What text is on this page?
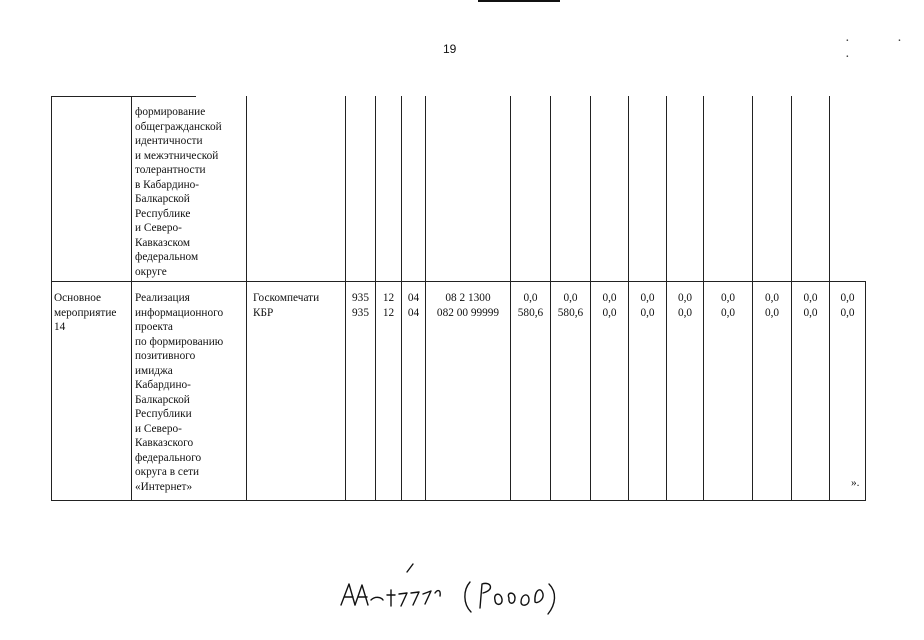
· · ·
19
формирование
общегражданской
идентичности
и межэтнической
толерантности
в Кабардино-
Балкарской
Республике
и Северо-
Кавказском
федеральном
округе
Основное
мероприятие
14
Реализация
информационного
проекта
по формированию
позитивного
имиджа
Кабардино-
Балкарской
Республики
и Северо-
Кавказского
федерального
округа в сети
«Интернет»
Госкомпечати
КБР
935
935
12
12
04
04
08 2 1300
082 00 99999
0,0
580,6
0,0
580,6
0,0
0,0
0,0
0,0
0,0
0,0
0,0
0,0
0,0
0,0
0,0
0,0
0,0
0,0
».
